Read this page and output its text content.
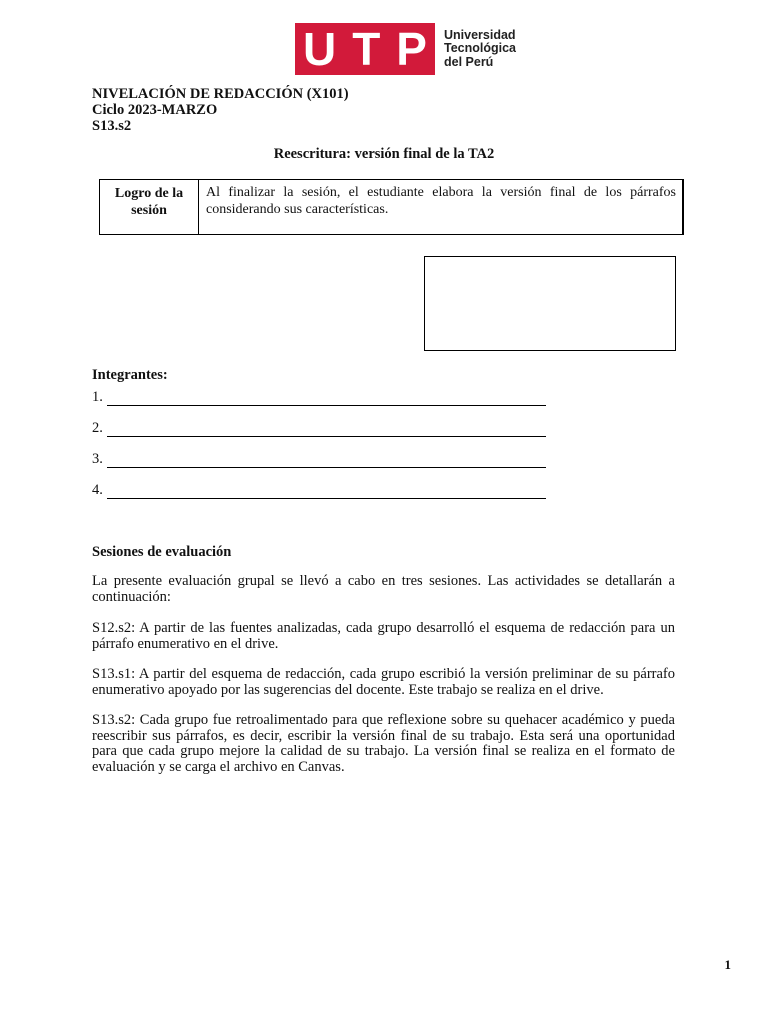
U T P Universidad
Tecnológica
del Perú
NIVELACIÓN DE REDACCIÓN (X101)
Ciclo 2023-MARZO
S13.s2
Reescritura: versión final de la TA2
Logro de la sesión
Al finalizar la sesión, el estudiante elabora la versión final de los párrafos considerando sus características.
Integrantes:
1.
2.
3.
4.
Sesiones de evaluación
La presente evaluación grupal se llevó a cabo en tres sesiones. Las actividades se detallarán a continuación:
S12.s2: A partir de las fuentes analizadas, cada grupo desarrolló el esquema de redacción para un párrafo enumerativo en el drive.
S13.s1: A partir del esquema de redacción, cada grupo escribió la versión preliminar de su párrafo enumerativo apoyado por las sugerencias del docente. Este trabajo se realiza en el drive.
S13.s2: Cada grupo fue retroalimentado para que reflexione sobre su quehacer académico y pueda reescribir sus párrafos, es decir, escribir la versión final de su trabajo. Esta será una oportunidad para que cada grupo mejore la calidad de su trabajo. La versión final se realiza en el formato de evaluación y se carga el archivo en Canvas.
1
